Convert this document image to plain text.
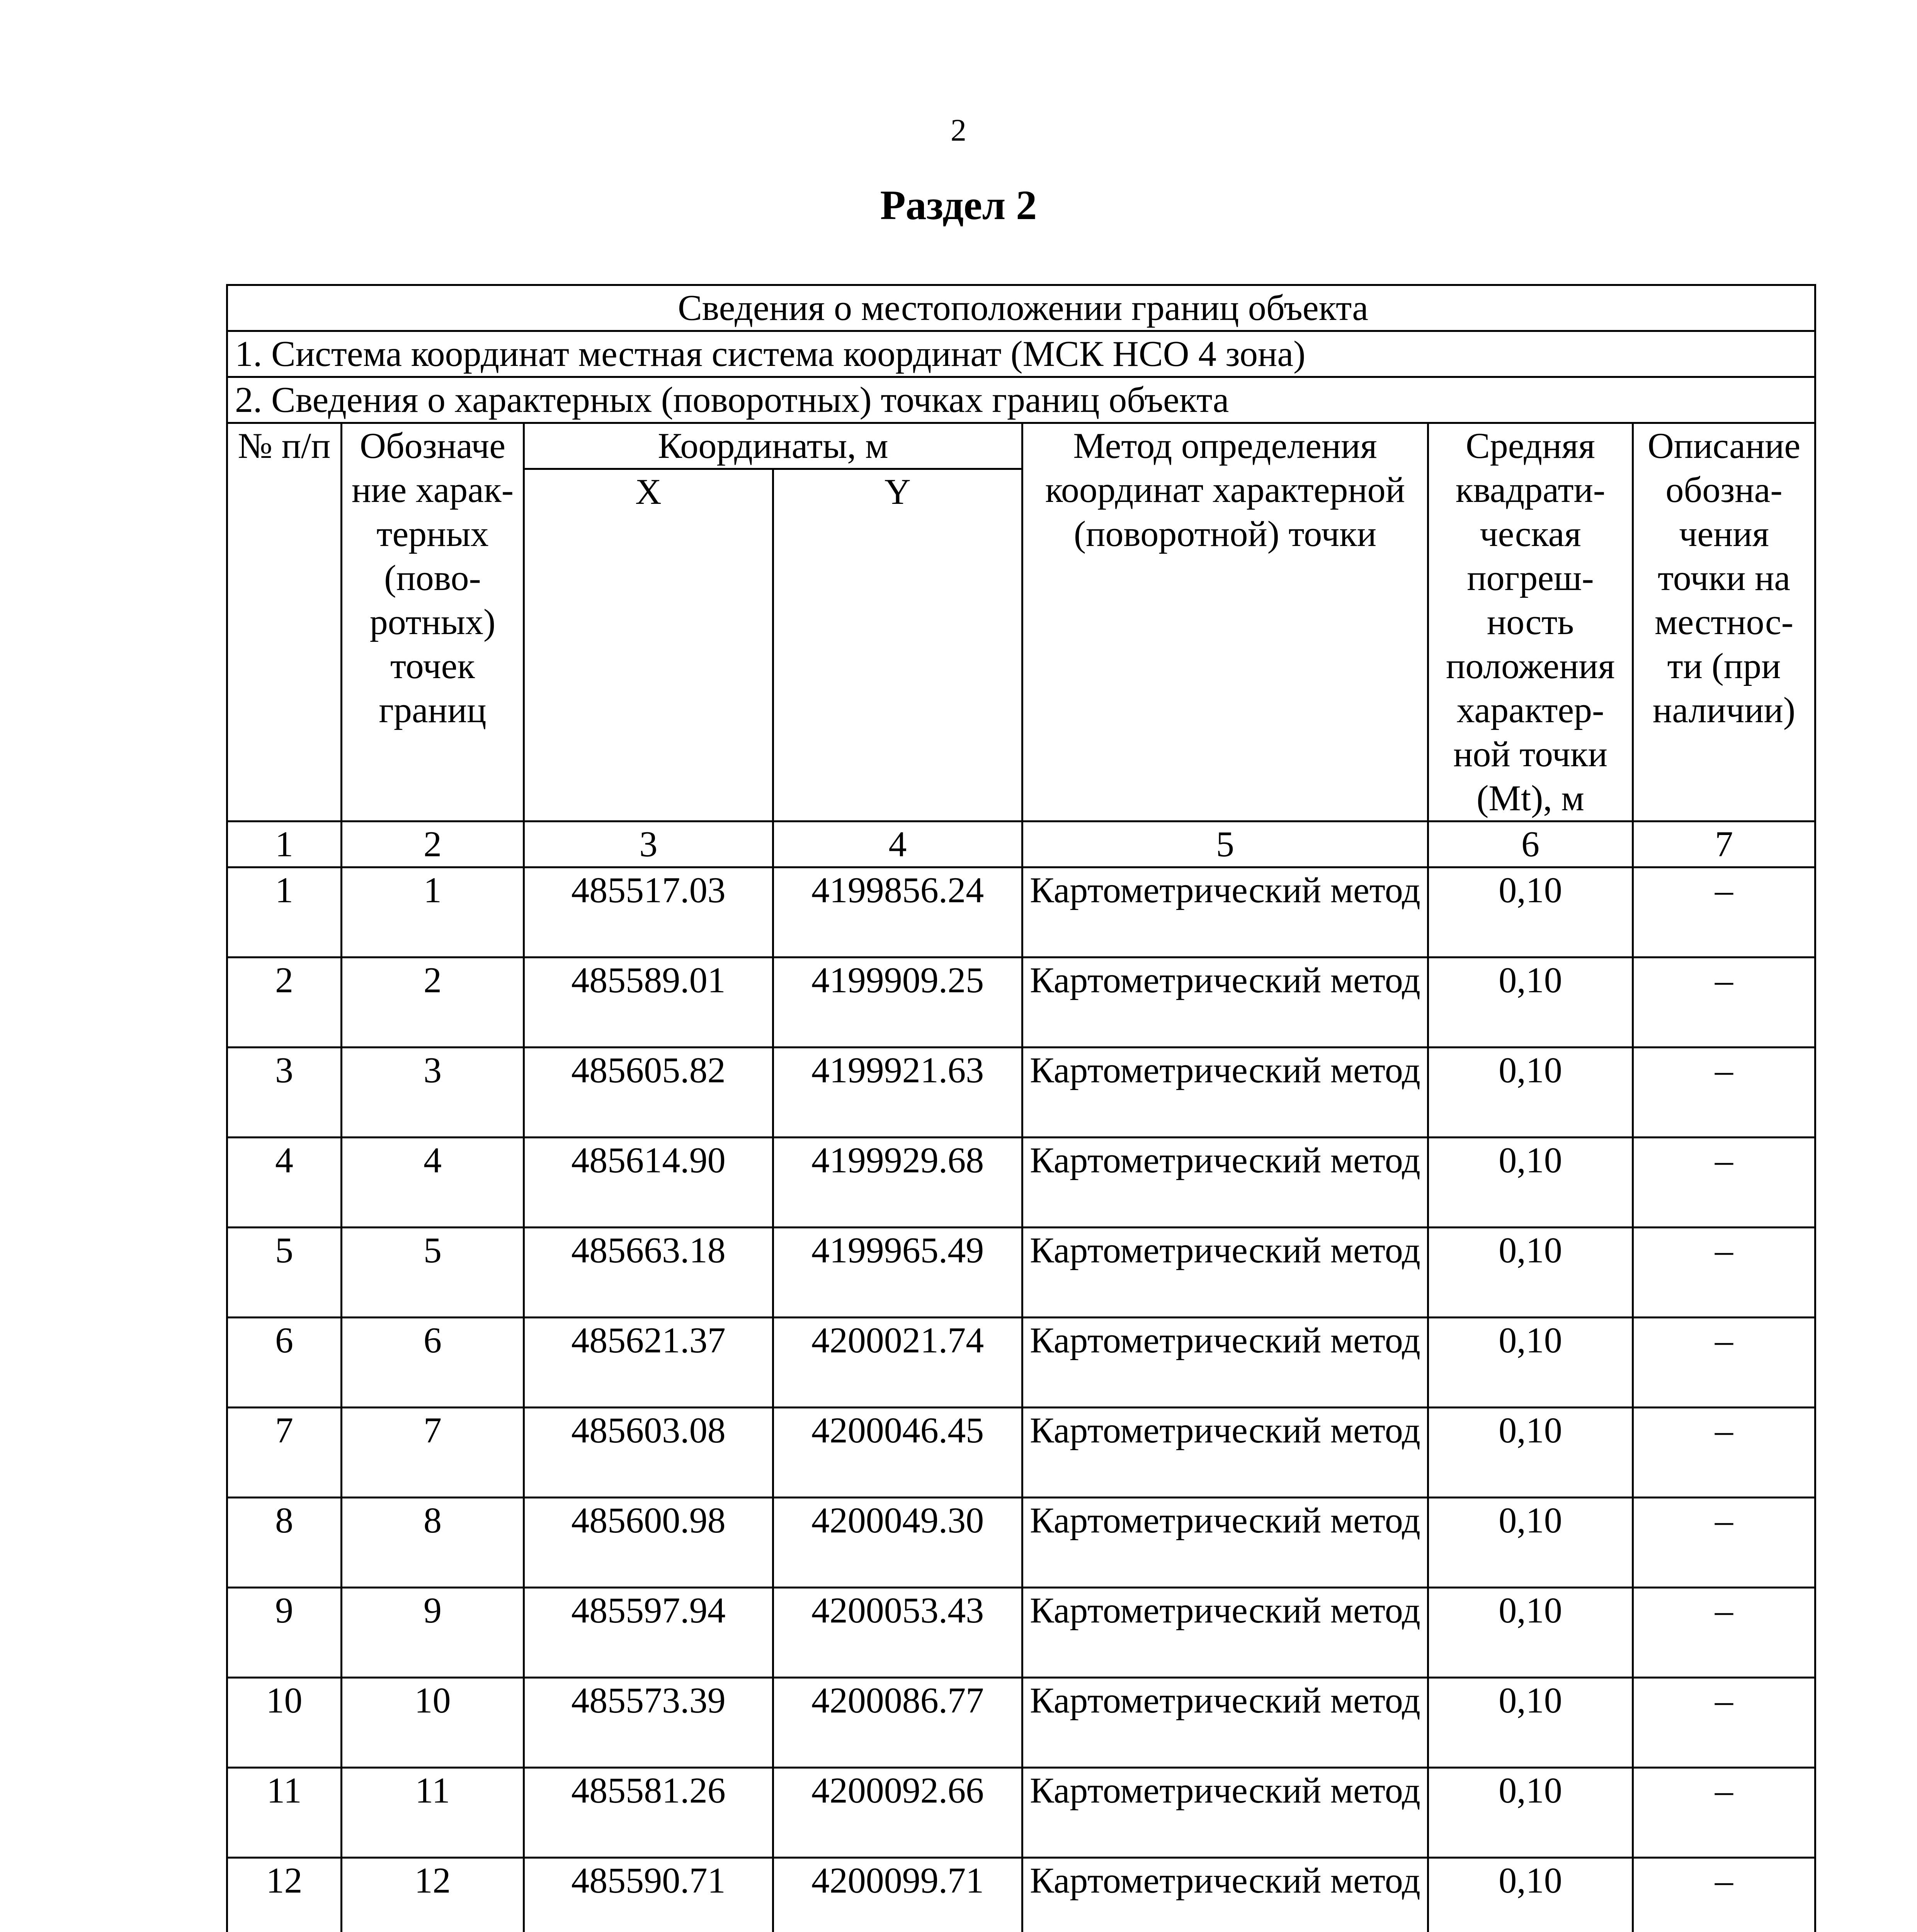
2
Раздел 2
Сведения о местоположении границ объекта						
1. Система координат местная система координат (МСК НСО 4 зона)						
2. Сведения о характерных (поворотных) точках границ объекта						
№ п/п	Обозначе ние харак- терных (пово- ротных) точек границ	Координаты, м		Метод определения координат характерной (поворотной) точки	Средняя квадрати- ческая погреш- ность положения характер- ной точки (Mt), м	Описание обозна- чения точки на местнос- ти (при наличии)
		X	Y			
1	2	3	4	5	6	7
1	1	485517.03	4199856.24	Картометрический метод	0,10	–
2	2	485589.01	4199909.25	Картометрический метод	0,10	–
3	3	485605.82	4199921.63	Картометрический метод	0,10	–
4	4	485614.90	4199929.68	Картометрический метод	0,10	–
5	5	485663.18	4199965.49	Картометрический метод	0,10	–
6	6	485621.37	4200021.74	Картометрический метод	0,10	–
7	7	485603.08	4200046.45	Картометрический метод	0,10	–
8	8	485600.98	4200049.30	Картометрический метод	0,10	–
9	9	485597.94	4200053.43	Картометрический метод	0,10	–
10	10	485573.39	4200086.77	Картометрический метод	0,10	–
11	11	485581.26	4200092.66	Картометрический метод	0,10	–
12	12	485590.71	4200099.71	Картометрический метод	0,10	–
